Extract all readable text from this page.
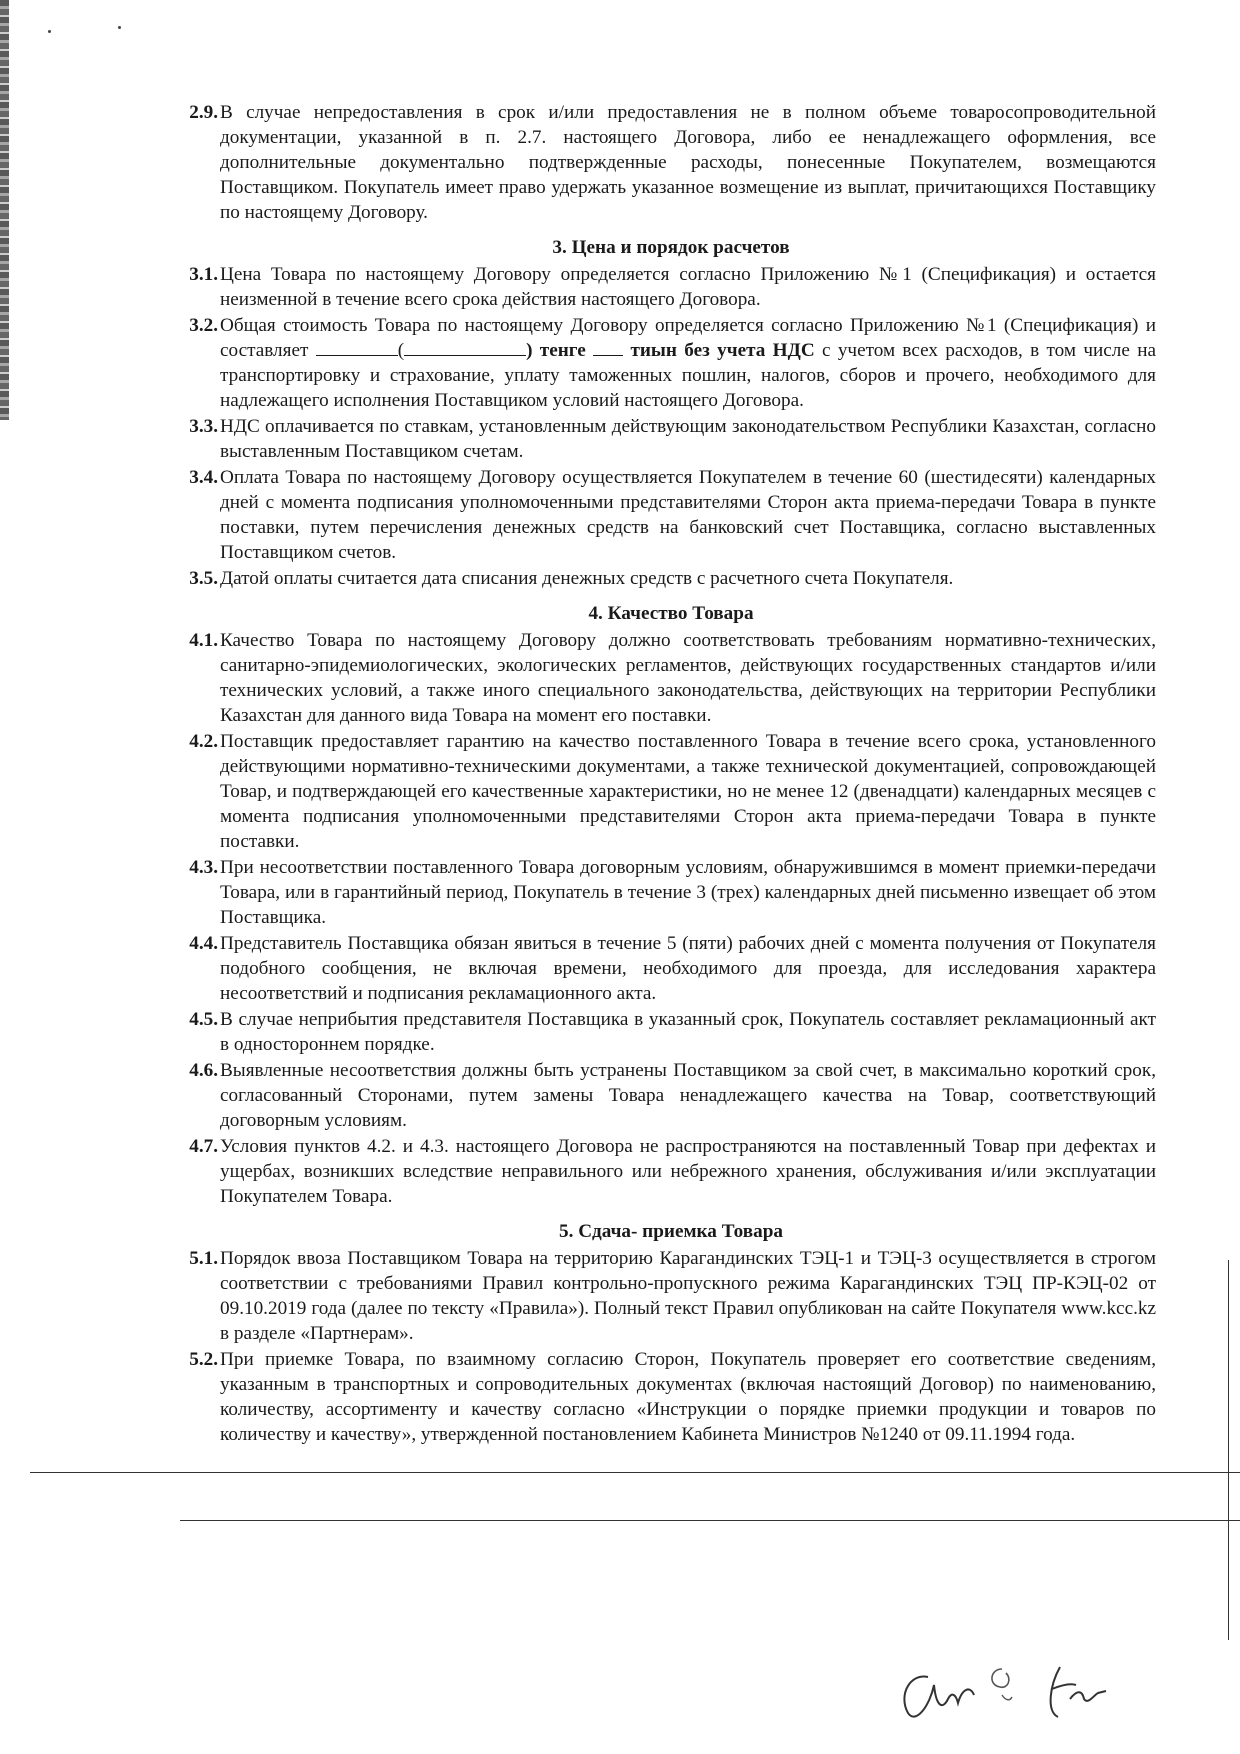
2.9. В случае непредоставления в срок и/или предоставления не в полном объеме товаросопроводительной документации, указанной в п. 2.7. настоящего Договора, либо ее ненадлежащего оформления, все дополнительные документально подтвержденные расходы, понесенные Покупателем, возмещаются Поставщиком. Покупатель имеет право удержать указанное возмещение из выплат, причитающихся Поставщику по настоящему Договору.
3. Цена и порядок расчетов
3.1. Цена Товара по настоящему Договору определяется согласно Приложению №1 (Спецификация) и остается неизменной в течение всего срока действия настоящего Договора.
3.2. Общая стоимость Товара по настоящему Договору определяется согласно Приложению №1 (Спецификация) и составляет	(	) тенге тиын без учета НДС с учетом всех расходов, в том числе на транспортировку и страхование, уплату таможенных пошлин, налогов, сборов и прочего, необходимого для надлежащего исполнения Поставщиком условий настоящего Договора.
3.3. НДС оплачивается по ставкам, установленным действующим законодательством Республики Казахстан, согласно выставленным Поставщиком счетам.
3.4. Оплата Товара по настоящему Договору осуществляется Покупателем в течение 60 (шестидесяти) календарных дней с момента подписания уполномоченными представителями Сторон акта приема-передачи Товара в пункте поставки, путем перечисления денежных средств на банковский счет Поставщика, согласно выставленных Поставщиком счетов.
3.5. Датой оплаты считается дата списания денежных средств с расчетного счета Покупателя.
4. Качество Товара
4.1. Качество Товара по настоящему Договору должно соответствовать требованиям нормативно-технических, санитарно-эпидемиологических, экологических регламентов, действующих государственных стандартов и/или технических условий, а также иного специального законодательства, действующих на территории Республики Казахстан для данного вида Товара на момент его поставки.
4.2. Поставщик предоставляет гарантию на качество поставленного Товара в течение всего срока, установленного действующими нормативно-техническими документами, а также технической документацией, сопровождающей Товар, и подтверждающей его качественные характеристики, но не менее 12 (двенадцати) календарных месяцев с момента подписания уполномоченными представителями Сторон акта приема-передачи Товара в пункте поставки.
4.3. При несоответствии поставленного Товара договорным условиям, обнаружившимся в момент приемки-передачи Товара, или в гарантийный период, Покупатель в течение 3 (трех) календарных дней письменно извещает об этом Поставщика.
4.4. Представитель Поставщика обязан явиться в течение 5 (пяти) рабочих дней с момента получения от Покупателя подобного сообщения, не включая времени, необходимого для проезда, для исследования характера несоответствий и подписания рекламационного акта.
4.5. В случае неприбытия представителя Поставщика в указанный срок, Покупатель составляет рекламационный акт в одностороннем порядке.
4.6. Выявленные несоответствия должны быть устранены Поставщиком за свой счет, в максимально короткий срок, согласованный Сторонами, путем замены Товара ненадлежащего качества на Товар, соответствующий договорным условиям.
4.7. Условия пунктов 4.2. и 4.3. настоящего Договора не распространяются на поставленный Товар при дефектах и ущербах, возникших вследствие неправильного или небрежного хранения, обслуживания и/или эксплуатации Покупателем Товара.
5. Сдача- приемка Товара
5.1. Порядок ввоза Поставщиком Товара на территорию Карагандинских ТЭЦ-1 и ТЭЦ-3 осуществляется в строгом соответствии с требованиями Правил контрольно-пропускного режима Карагандинских ТЭЦ ПР-КЭЦ-02 от 09.10.2019 года (далее по тексту «Правила»). Полный текст Правил опубликован на сайте Покупателя www.kcc.kz в разделе «Партнерам».
5.2. При приемке Товара, по взаимному согласию Сторон, Покупатель проверяет его соответствие сведениям, указанным в транспортных и сопроводительных документах (включая настоящий Договор) по наименованию, количеству, ассортименту и качеству согласно «Инструкции о порядке приемки продукции и товаров по количеству и качеству», утвержденной постановлением Кабинета Министров №1240 от 09.11.1994 года.
